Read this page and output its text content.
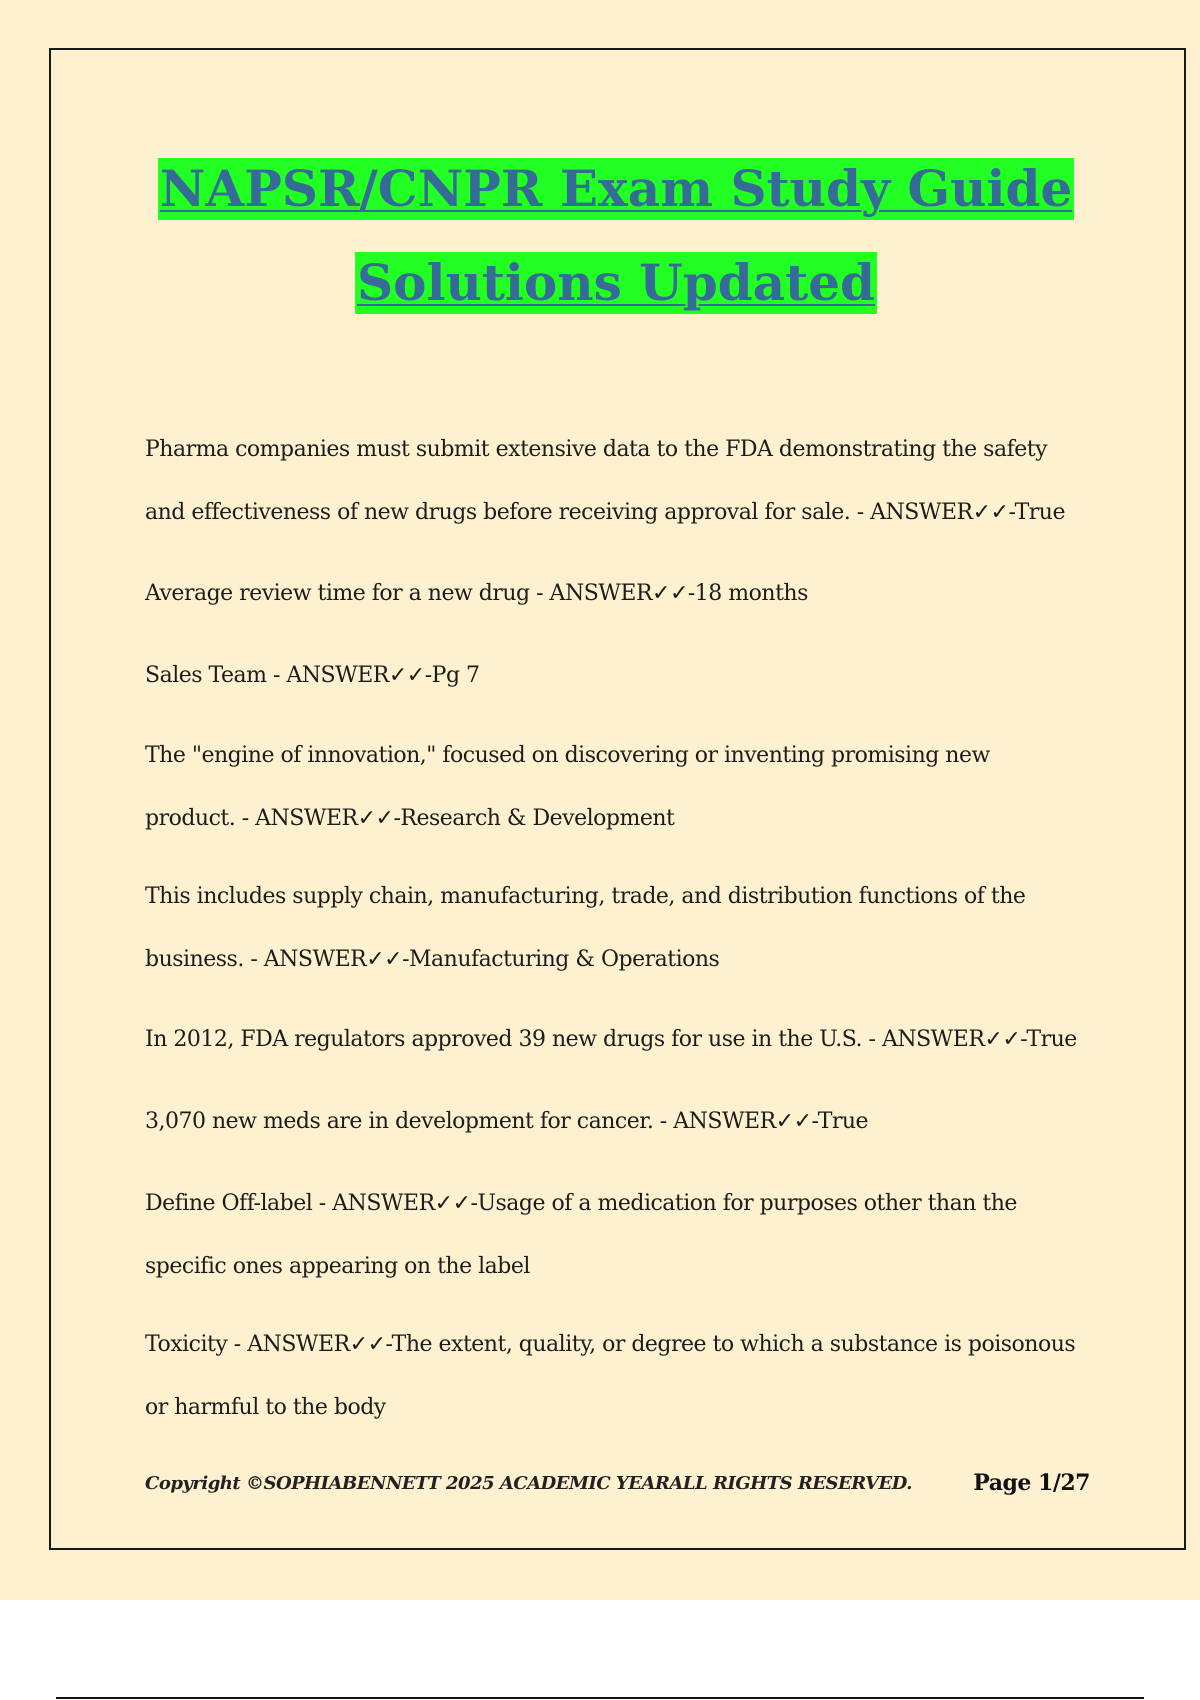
NAPSR/CNPR Exam Study Guide
Solutions Updated

Pharma companies must submit extensive data to the FDA demonstrating the safety
and effectiveness of new drugs before receiving approval for sale. - ANSWER✓✓-True

Average review time for a new drug - ANSWER✓✓-18 months

Sales Team - ANSWER✓✓-Pg 7

The "engine of innovation," focused on discovering or inventing promising new
product. - ANSWER✓✓-Research & Development

This includes supply chain, manufacturing, trade, and distribution functions of the
business. - ANSWER✓✓-Manufacturing & Operations

In 2012, FDA regulators approved 39 new drugs for use in the U.S. - ANSWER✓✓-True

3,070 new meds are in development for cancer. - ANSWER✓✓-True

Define Off-label - ANSWER✓✓-Usage of a medication for purposes other than the
specific ones appearing on the label

Toxicity - ANSWER✓✓-The extent, quality, or degree to which a substance is poisonous
or harmful to the body

Copyright ©SOPHIABENNETT 2025 ACADEMIC YEARALL RIGHTS RESERVED.	Page 1/27
